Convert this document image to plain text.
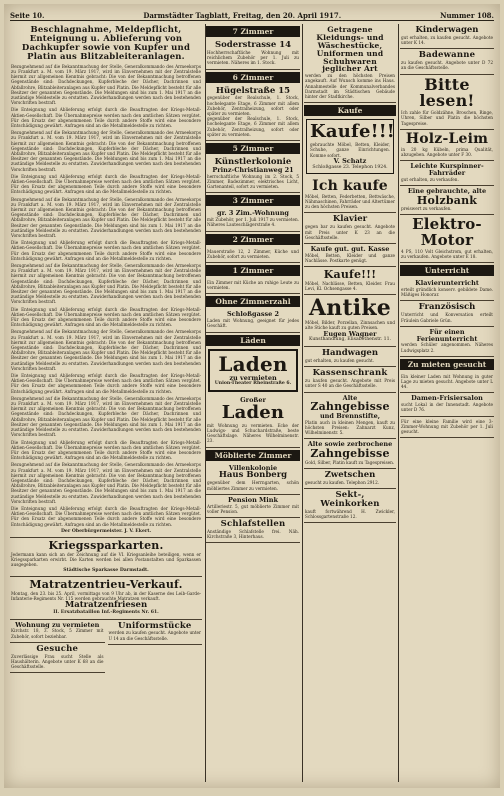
Seite 10.	Darmstädter Tagblatt, Freitag, den 20. April 1917.	Nummer 108.
Beschlagnahme, Meldepflicht, Enteignung u. Ablieferung von Dachkupfer sowie von Kupfer und Platin aus Blitzableiteranlagen.
Bezugnehmend auf die Bekanntmachung der Stelle, Generalkommando des Armeekorps zu Frankfurt a. M. vom 19. März 1917, wird im Einvernehmen mit der Zentralstelle hiermit zur allgemeinen Kenntnis gebracht: Die von der Bekanntmachung betroffenen Gegenstände sind: Dachdeckungen, Kupferbleche der Dächer, Dachrinnen und Abfallrohre, Blitzableiteranlagen aus Kupfer und Platin. Die Meldepflicht besteht für alle Besitzer der genannten Gegenstände. Die Meldungen sind bis zum 1. Mai 1917 an die zuständige Meldestelle zu erstatten. Zuwiderhandlungen werden nach den bestehenden Vorschriften bestraft.
Die Enteignung und Ablieferung erfolgt durch die Beauftragten der Kriegs-Metall-Aktien-Gesellschaft. Die Übernahmepreise werden nach den amtlichen Sätzen vergütet. Für den Ersatz der abgenommenen Teile durch andere Stoffe wird eine besondere Entschädigung gewährt. Anfragen sind an die Metallmeldestelle zu richten.
Bezugnehmend auf die Bekanntmachung der Stelle, Generalkommando des Armeekorps zu Frankfurt a. M. vom 19. März 1917, wird im Einvernehmen mit der Zentralstelle hiermit zur allgemeinen Kenntnis gebracht: Die von der Bekanntmachung betroffenen Gegenstände sind: Dachdeckungen, Kupferbleche der Dächer, Dachrinnen und Abfallrohre, Blitzableiteranlagen aus Kupfer und Platin. Die Meldepflicht besteht für alle Besitzer der genannten Gegenstände. Die Meldungen sind bis zum 1. Mai 1917 an die zuständige Meldestelle zu erstatten. Zuwiderhandlungen werden nach den bestehenden Vorschriften bestraft.
Die Enteignung und Ablieferung erfolgt durch die Beauftragten der Kriegs-Metall-Aktien-Gesellschaft. Die Übernahmepreise werden nach den amtlichen Sätzen vergütet. Für den Ersatz der abgenommenen Teile durch andere Stoffe wird eine besondere Entschädigung gewährt. Anfragen sind an die Metallmeldestelle zu richten.
Bezugnehmend auf die Bekanntmachung der Stelle, Generalkommando des Armeekorps zu Frankfurt a. M. vom 19. März 1917, wird im Einvernehmen mit der Zentralstelle hiermit zur allgemeinen Kenntnis gebracht: Die von der Bekanntmachung betroffenen Gegenstände sind: Dachdeckungen, Kupferbleche der Dächer, Dachrinnen und Abfallrohre, Blitzableiteranlagen aus Kupfer und Platin. Die Meldepflicht besteht für alle Besitzer der genannten Gegenstände. Die Meldungen sind bis zum 1. Mai 1917 an die zuständige Meldestelle zu erstatten. Zuwiderhandlungen werden nach den bestehenden Vorschriften bestraft.
Die Enteignung und Ablieferung erfolgt durch die Beauftragten der Kriegs-Metall-Aktien-Gesellschaft. Die Übernahmepreise werden nach den amtlichen Sätzen vergütet. Für den Ersatz der abgenommenen Teile durch andere Stoffe wird eine besondere Entschädigung gewährt. Anfragen sind an die Metallmeldestelle zu richten.
Bezugnehmend auf die Bekanntmachung der Stelle, Generalkommando des Armeekorps zu Frankfurt a. M. vom 19. März 1917, wird im Einvernehmen mit der Zentralstelle hiermit zur allgemeinen Kenntnis gebracht: Die von der Bekanntmachung betroffenen Gegenstände sind: Dachdeckungen, Kupferbleche der Dächer, Dachrinnen und Abfallrohre, Blitzableiteranlagen aus Kupfer und Platin. Die Meldepflicht besteht für alle Besitzer der genannten Gegenstände. Die Meldungen sind bis zum 1. Mai 1917 an die zuständige Meldestelle zu erstatten. Zuwiderhandlungen werden nach den bestehenden Vorschriften bestraft.
Die Enteignung und Ablieferung erfolgt durch die Beauftragten der Kriegs-Metall-Aktien-Gesellschaft. Die Übernahmepreise werden nach den amtlichen Sätzen vergütet. Für den Ersatz der abgenommenen Teile durch andere Stoffe wird eine besondere Entschädigung gewährt. Anfragen sind an die Metallmeldestelle zu richten.
Bezugnehmend auf die Bekanntmachung der Stelle, Generalkommando des Armeekorps zu Frankfurt a. M. vom 19. März 1917, wird im Einvernehmen mit der Zentralstelle hiermit zur allgemeinen Kenntnis gebracht: Die von der Bekanntmachung betroffenen Gegenstände sind: Dachdeckungen, Kupferbleche der Dächer, Dachrinnen und Abfallrohre, Blitzableiteranlagen aus Kupfer und Platin. Die Meldepflicht besteht für alle Besitzer der genannten Gegenstände. Die Meldungen sind bis zum 1. Mai 1917 an die zuständige Meldestelle zu erstatten. Zuwiderhandlungen werden nach den bestehenden Vorschriften bestraft.
Die Enteignung und Ablieferung erfolgt durch die Beauftragten der Kriegs-Metall-Aktien-Gesellschaft. Die Übernahmepreise werden nach den amtlichen Sätzen vergütet. Für den Ersatz der abgenommenen Teile durch andere Stoffe wird eine besondere Entschädigung gewährt. Anfragen sind an die Metallmeldestelle zu richten.
Bezugnehmend auf die Bekanntmachung der Stelle, Generalkommando des Armeekorps zu Frankfurt a. M. vom 19. März 1917, wird im Einvernehmen mit der Zentralstelle hiermit zur allgemeinen Kenntnis gebracht: Die von der Bekanntmachung betroffenen Gegenstände sind: Dachdeckungen, Kupferbleche der Dächer, Dachrinnen und Abfallrohre, Blitzableiteranlagen aus Kupfer und Platin. Die Meldepflicht besteht für alle Besitzer der genannten Gegenstände. Die Meldungen sind bis zum 1. Mai 1917 an die zuständige Meldestelle zu erstatten. Zuwiderhandlungen werden nach den bestehenden Vorschriften bestraft.
Die Enteignung und Ablieferung erfolgt durch die Beauftragten der Kriegs-Metall-Aktien-Gesellschaft. Die Übernahmepreise werden nach den amtlichen Sätzen vergütet. Für den Ersatz der abgenommenen Teile durch andere Stoffe wird eine besondere Entschädigung gewährt. Anfragen sind an die Metallmeldestelle zu richten.
Bezugnehmend auf die Bekanntmachung der Stelle, Generalkommando des Armeekorps zu Frankfurt a. M. vom 19. März 1917, wird im Einvernehmen mit der Zentralstelle hiermit zur allgemeinen Kenntnis gebracht: Die von der Bekanntmachung betroffenen Gegenstände sind: Dachdeckungen, Kupferbleche der Dächer, Dachrinnen und Abfallrohre, Blitzableiteranlagen aus Kupfer und Platin. Die Meldepflicht besteht für alle Besitzer der genannten Gegenstände. Die Meldungen sind bis zum 1. Mai 1917 an die zuständige Meldestelle zu erstatten. Zuwiderhandlungen werden nach den bestehenden Vorschriften bestraft.
Die Enteignung und Ablieferung erfolgt durch die Beauftragten der Kriegs-Metall-Aktien-Gesellschaft. Die Übernahmepreise werden nach den amtlichen Sätzen vergütet. Für den Ersatz der abgenommenen Teile durch andere Stoffe wird eine besondere Entschädigung gewährt. Anfragen sind an die Metallmeldestelle zu richten.
Der Oberbürgermeister. J. V. Ekert.
Kriegssparkarten.
Jedermann kann sich an der Zeichnung auf die VI. Kriegsanleihe beteiligen, wenn er Kriegssparkarten erwirbt. Die Karten werden bei allen Postanstalten und Sparkassen ausgegeben.
Städtische Sparkasse Darmstadt.
Matratzentrieu-Verkauf.
Montag, den 23. bis 25. April, vormittags von 9 Uhr ab, in der Kaserne des Leib-Garde-Infanterie-Regiments Nr. 115 werden gebrauchte Matratzen verkauft.
Matratzenfriesen
II. Ersatzbataillon Inf.-Regiments Nr. 61.
Wohnung zu vermieten
Kirchstr. 18, 3. Stock, 5 Zimmer mit Zubehör, sofort beziehbar.
Gesuche
Zuverlässige Frau sucht Stelle als Haushälterin. Angebote unter K 68 an die Geschäftsstelle.
Uniformstücke
werden zu kaufen gesucht. Angebote unter U 14 an die Geschäftsstelle.
7 Zimmer
Soderstrasse 14
Hochherrschaftliche Wohnung mit reichlichem Zubehör per 1. Juli zu vermieten. Näheres im 1. Stock.
6 Zimmer
Hügelstraße 15
gegenüber der Realschule, 1. Stock, hochelegante Etage, 6 Zimmer mit allem Zubehör, Zentralheizung, sofort oder später zu vermieten.
gegenüber der Realschule, 1. Stock, hochelegante Etage, 6 Zimmer mit allem Zubehör, Zentralheizung, sofort oder später zu vermieten.
5 Zimmer
Künstlerkolonie
Prinz-Christianweg 21
herrschaftliche Wohnung im 2. Stock, 5 Zimmer, Badezimmer, elektrisches Licht, Gartenanteil, sofort zu vermieten.
3 Zimmer
gr. 3 Zim.-Wohnung
mit Zubehör, per 1. Juli 1917 zu vermieten. Näheres Lauteschlägerstraße 4.
2 Zimmer
Mauerstraße 12, 2 Zimmer, Küche und Zubehör, sofort zu vermieten.
1 Zimmer
Ein Zimmer mit Küche an ruhige Leute zu vermieten.
Ohne Zimmerzahl
Schloßgasse 2
Laden mit Wohnung, geeignet für jedes Geschäft.
Läden
Laden
zu vermieten
Union-Theater Rheinstraße 6.
Großer
Laden
mit Wohnung zu vermieten. Ecke der Ludwigs- und Schuchardstraße, beste Geschäftslage. Näheres Wilhelminenstr. 23.
Möblierte Zimmer
Villenkolonie
Haus Bonberg
gegenüber dem Herrngarten, schön möbliertes Zimmer zu vermieten.
Pension Mink
Artilleriestr. 5, gut möblierte Zimmer mit voller Pension.
Schlafstellen
Anständige Schlafstelle frei. Näh. Kirchstraße 3, Hinterhaus.
Getragene Kleidungs- und Wäschestücke, Uniformen und Schuhwaren jeglicher Art
werden zu den höchsten Preisen angekauft. Auf Wunsch komme ins Haus. Annahmestelle der Kommunalverbandes Darmstadt im Städtischen Gebäude hinter der Stadtkirche.
Kaufe
Kaufe!!!
gebrauchte Möbel, Betten, Kleider, Schuhe, ganze Einrichtungen. Komme sofort.
V. Schatz
Schloßgasse 23. Telephon 1924.
Ich kaufe
Möbel, Betten, Federbetten, Bettwäsche, Nähmaschinen, Fahrräder und Altertümer zu den höchsten Preisen.
Klavier
gegen bar zu kaufen gesucht. Angebote mit Preis unter K 23 an die Geschäftsstelle.
Kaufe gut. gut. Kasse
Möbel, Betten, Kleider und ganze Nachlässe. Postkarte genügt.
Kaufe!!!
Möbel, Nachlässe, Betten, Kleider. Frau Levi, Kl. Ochsengasse 4.
Antike
Möbel, Bilder, Porzellan, Zinnsachen und alte Stiche kauft zu guten Preisen.
Eugen Wagner
Kunsthandlung, Elisabethenstr. 11.
Handwagen
gut erhalten, zu kaufen gesucht.
Kassenschrank
zu kaufen gesucht. Angebote mit Preis unter S 40 an die Geschäftsstelle.
Alte
Zahngebisse
und Brennstifte,
Platin auch in kleinen Mengen, kauft zu höchsten Preisen: Zahnarzt Kunz, Wilhelminenstr. 5.
Alte sowie zerbrochene
Zahngebisse
Gold, Silber, Platin kauft zu Tagespreisen.
Zwetschen
gesucht zu kaufen. Telephon 2912.
Sekt-, Weinkorken
kauft fortwährend H. Zwickler, Schlossgartenstraße 12.
Kinderwagen
gut erhalten, zu kaufen gesucht. Angebote unter K 14.
Badewanne
zu kaufen gesucht. Angebote unter D 72 an die Geschäftsstelle.
Bitte lesen!
Ich zahle für Goldzähne, Broschen, Ringe, Uhren, Silber und Platin die höchsten Tagespreise.
Holz-Leim
in 20 kg Kübeln, prima Qualität, abzugeben. Angebote unter F 30.
Leichte Kurspinner-Fahrräder
gut erhalten, zu verkaufen.
Eine gebrauchte, alte
Holzbank
preiswert zu verkaufen.
Elektro-Motor
4 PS, 110 Volt Gleichstrom, gut erhalten, zu verkaufen. Angebote unter E 18.
Unterricht
Klavierunterricht
erteilt gründlich konserv. gebildete Dame. Mäßiges Honorar.
Französisch
Unterricht und Konversation erteilt Fräulein Gabriele Grün.
Für einen Ferienunterricht
werden Schüler angenommen. Näheres Ludwigsplatz 2.
Zu mieten gesucht
Ein kleiner Laden mit Wohnung in guter Lage zu mieten gesucht. Angebote unter L 44.
Damen-Frisiersalon
sucht Lokal in der Innenstadt. Angebote unter D 76.
Für eine kleine Familie wird eine 3-Zimmer-Wohnung mit Zubehör per 1. Juli gesucht.
